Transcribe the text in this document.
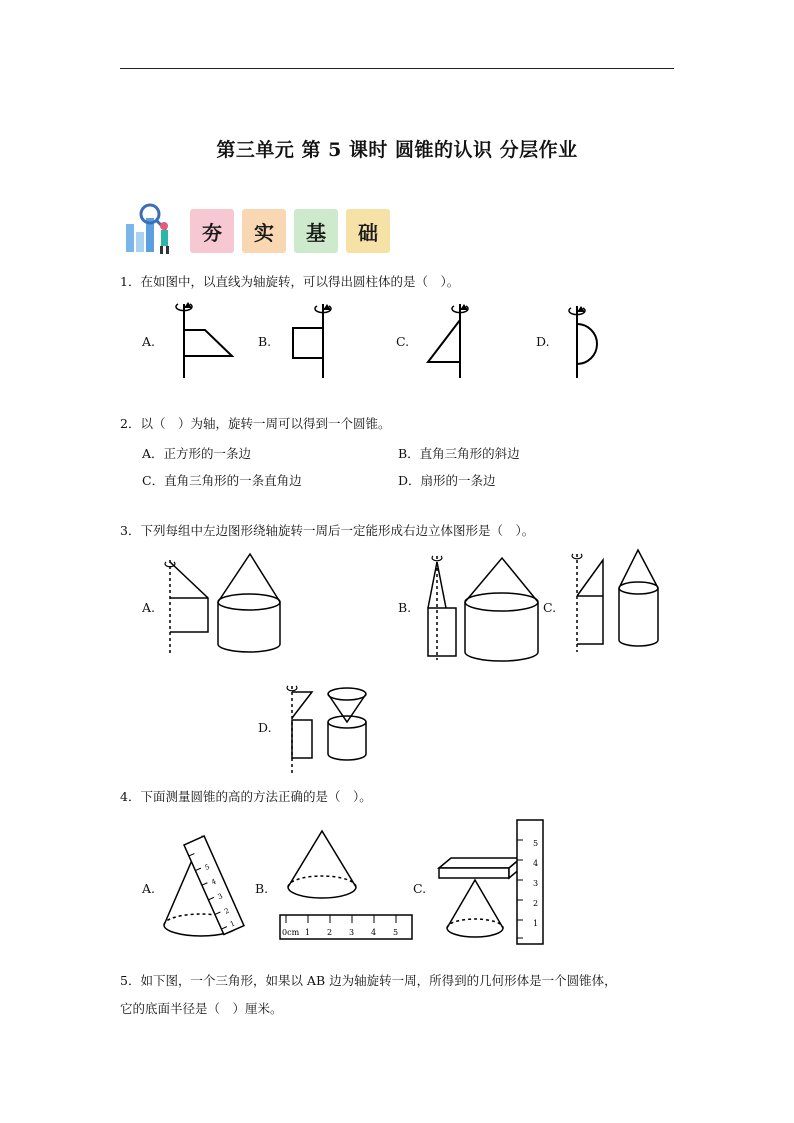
第三单元 第 5 课时 圆锥的认识 分层作业
夯	实	基	础
1．在如图中，以直线为轴旋转，可以得出圆柱体的是（　）。
A.	B.	C.	D.
2．以（　）为轴，旋转一周可以得到一个圆锥。
A．正方形的一条边	B．直角三角形的斜边
C．直角三角形的一条直角边	D．扇形的一条边
3．下列每组中左边图形绕轴旋转一周后一定能形成右边立体图形是（　）。
A.	B.	C.
D.
4．下面测量圆锥的高的方法正确的是（　）。
A.
5
4
3
2
1
B.
0cm 1 2 3 4 5
C.
5
4
3
2
1
5．如下图，一个三角形，如果以 AB 边为轴旋转一周，所得到的几何形体是一个圆锥体，
它的底面半径是（　）厘米。
